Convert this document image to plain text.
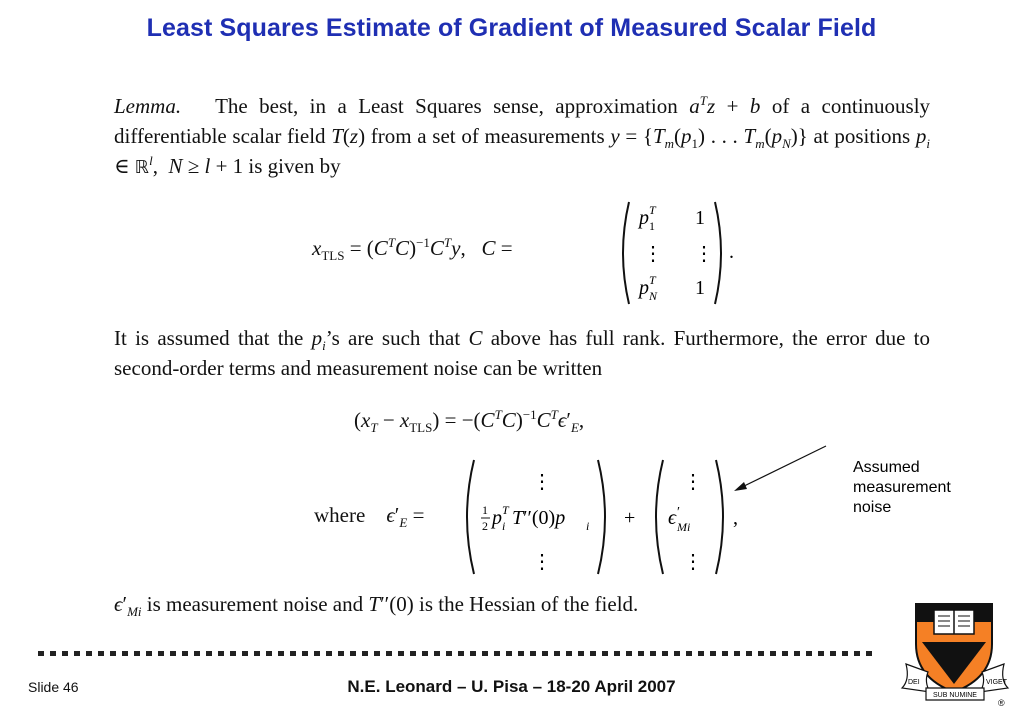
Least Squares Estimate of Gradient of Measured Scalar Field
Lemma. The best, in a Least Squares sense, approximation $a^Tz + b$ of a continuously differentiable scalar field T(z) from a set of measurements $y = \{T_m(p_1)$ . . . $T_m(p_N)$} at positions $p_i$ ∈ ℝ$^l$,  N ≥ l + 1 is given by
$x_{TLS} = (C^TC)^{-1}C^Ty$,   C =
p 1
T 1
⋮ ⋮
p N
T 1
.
It is assumed that the $p_i’s$ are such that C above has full rank. Furthermore, the error due to second-order terms and measurement noise can be written
$(x_T - x_{TLS}) = -(C^TC)^{-1}C^T\epsilon'_E$,
where $\epsilon'_E$ =
⋮
1
2 p i
T T′′(0)p i
⋮
+
⋮
ϵ ′
Mi
⋮
,
Assumed
measurement
noise
$\epsilon'_{Mi}$ is measurement noise and T′′(0) is the Hessian of the field.
Slide 46	N.E. Leonard – U. Pisa – 18-20 April 2007	DEI
SUB NUMINE
VIGET
®
